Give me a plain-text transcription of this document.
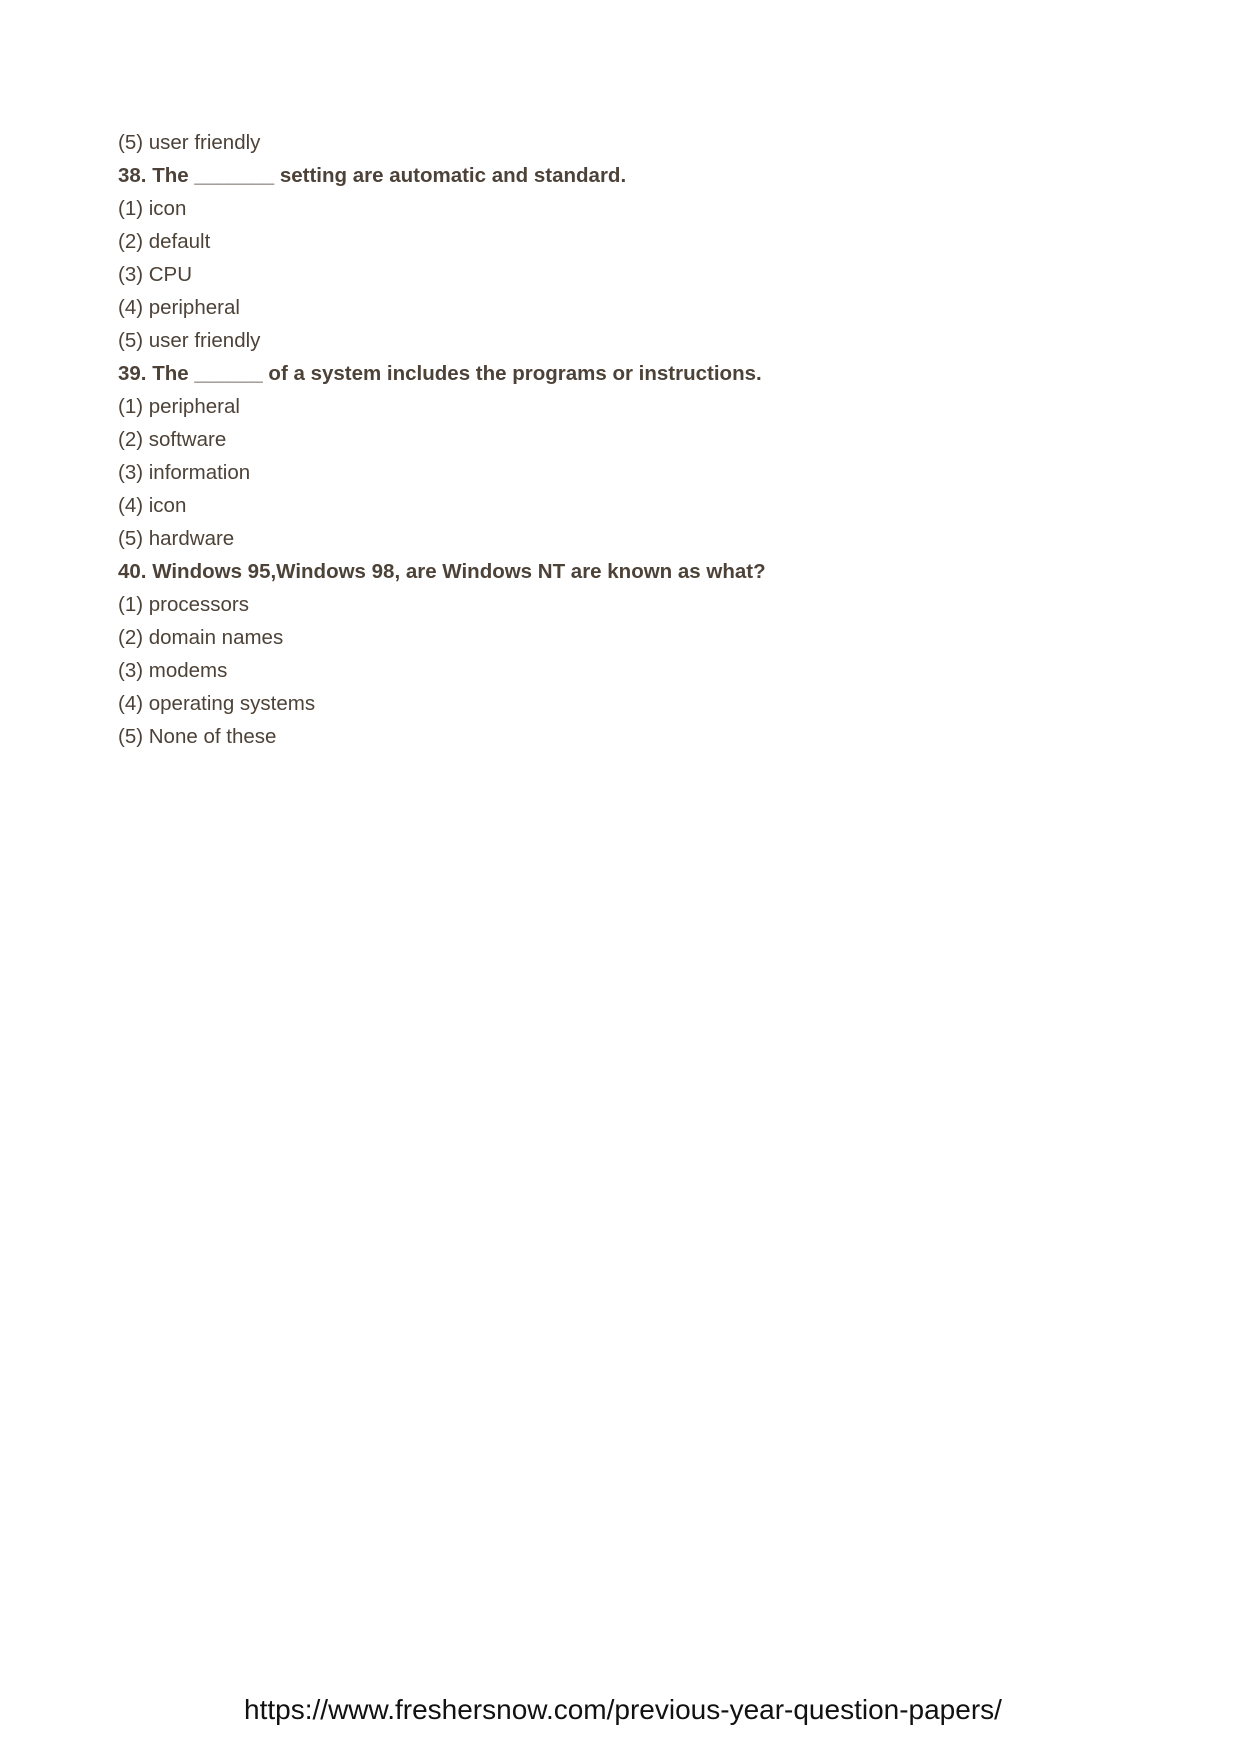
(5) user friendly
38. The _______ setting are automatic and standard.
(1) icon
(2) default
(3) CPU
(4) peripheral
(5) user friendly
39. The ______ of a system includes the programs or instructions.
(1) peripheral
(2) software
(3) information
(4) icon
(5) hardware
40. Windows 95,Windows 98, are Windows NT are known as what?
(1) processors
(2) domain names
(3) modems
(4) operating systems
(5) None of these
https://www.freshersnow.com/previous-year-question-papers/
